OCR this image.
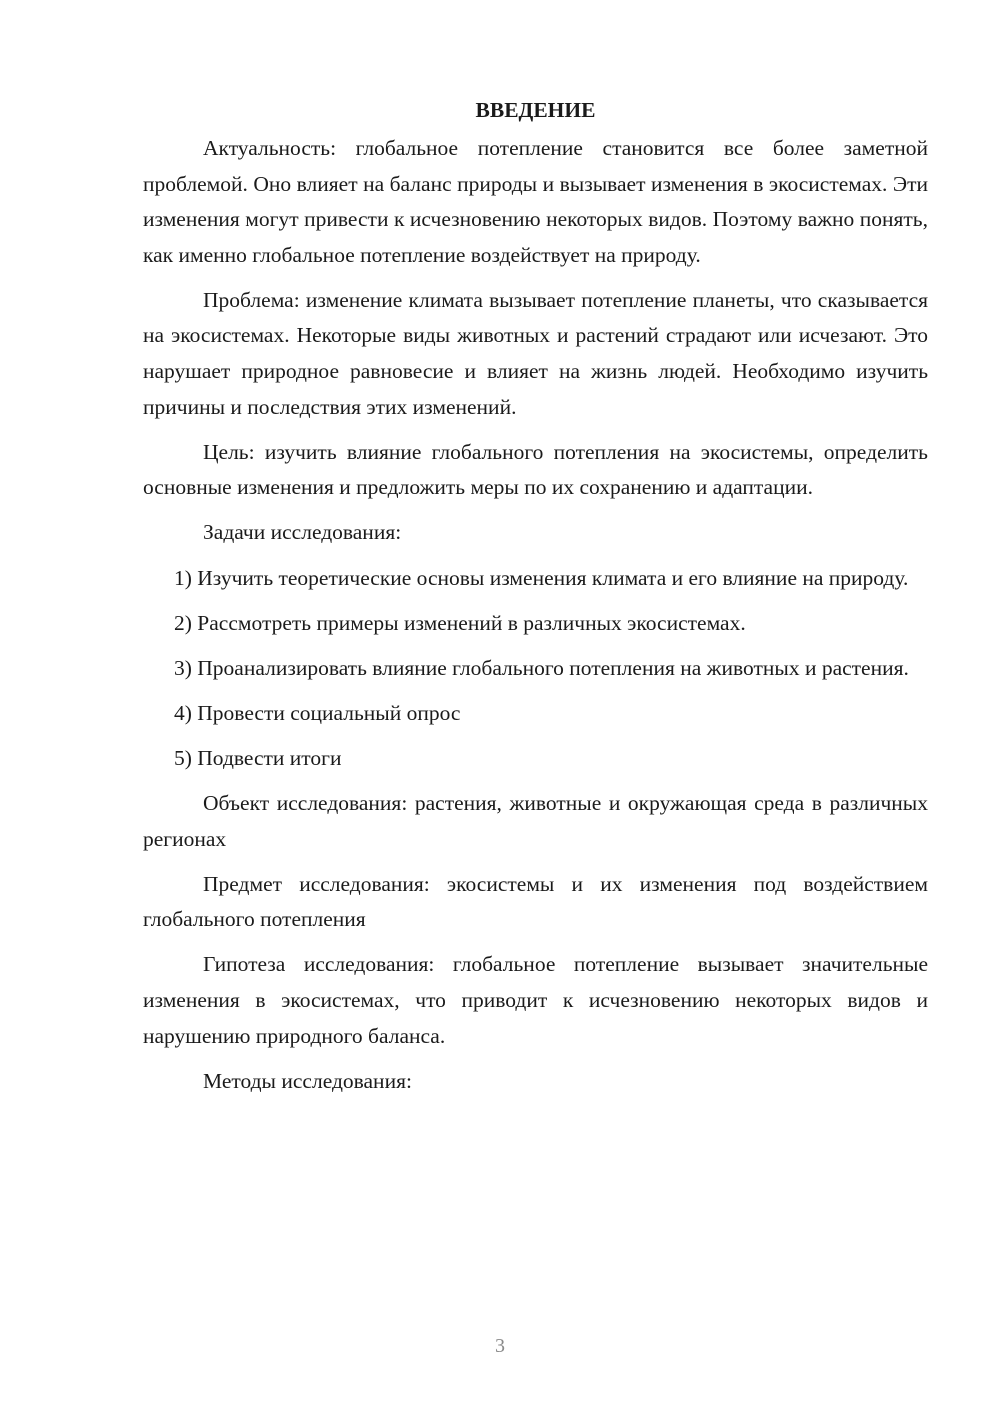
ВВЕДЕНИЕ

Актуальность: глобальное потепление становится все более заметной проблемой. Оно влияет на баланс природы и вызывает изменения в экосистемах. Эти изменения могут привести к исчезновению некоторых видов. Поэтому важно понять, как именно глобальное потепление воздействует на природу.

Проблема: изменение климата вызывает потепление планеты, что сказывается на экосистемах. Некоторые виды животных и растений страдают или исчезают. Это нарушает природное равновесие и влияет на жизнь людей. Необходимо изучить причины и последствия этих изменений.

Цель: изучить влияние глобального потепления на экосистемы, определить основные изменения и предложить меры по их сохранению и адаптации.

Задачи исследования:

1) Изучить теоретические основы изменения климата и его влияние на природу.

2) Рассмотреть примеры изменений в различных экосистемах.

3) Проанализировать влияние глобального потепления на животных и растения.

4) Провести социальный опрос

5) Подвести итоги

Объект исследования: растения, животные и окружающая среда в различных регионах

Предмет исследования: экосистемы и их изменения под воздействием глобального потепления

Гипотеза исследования: глобальное потепление вызывает значительные изменения в экосистемах, что приводит к исчезновению некоторых видов и нарушению природного баланса.

Методы исследования:

3
